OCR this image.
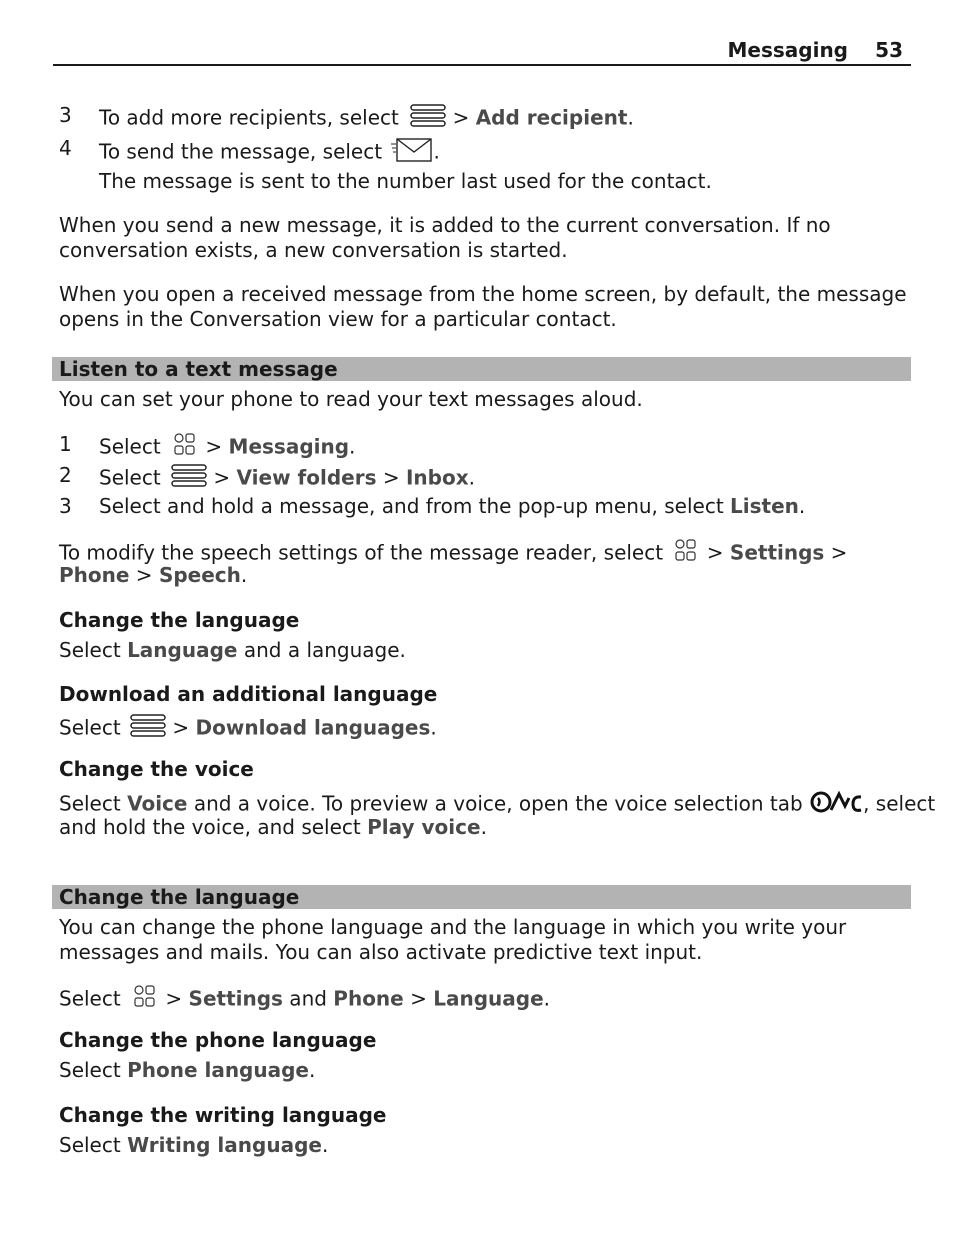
Messaging 53
3 To add more recipients, select  > Add recipient.
4 To send the message, select	.
The message is sent to the number last used for the contact.
When you send a new message, it is added to the current conversation. If no conversation exists, a new conversation is started.
When you open a received message from the home screen, by default, the message opens in the Conversation view for a particular contact.
Listen to a text message
You can set your phone to read your text messages aloud.
1 Select  > Messaging.
2 Select  > View folders > Inbox.
3 Select and hold a message, and from the pop-up menu, select Listen.
To modify the speech settings of the message reader, select  > Settings >
Phone > Speech.
Change the language
Select Language and a language.
Download an additional language
Select  > Download languages.
Change the voice
Select Voice and a voice. To preview a voice, open the voice selection tab	, select
and hold the voice, and select Play voice.
Change the language
You can change the phone language and the language in which you write your messages and mails. You can also activate predictive text input.
Select  > Settings and Phone > Language.
Change the phone language
Select Phone language.
Change the writing language
Select Writing language.
